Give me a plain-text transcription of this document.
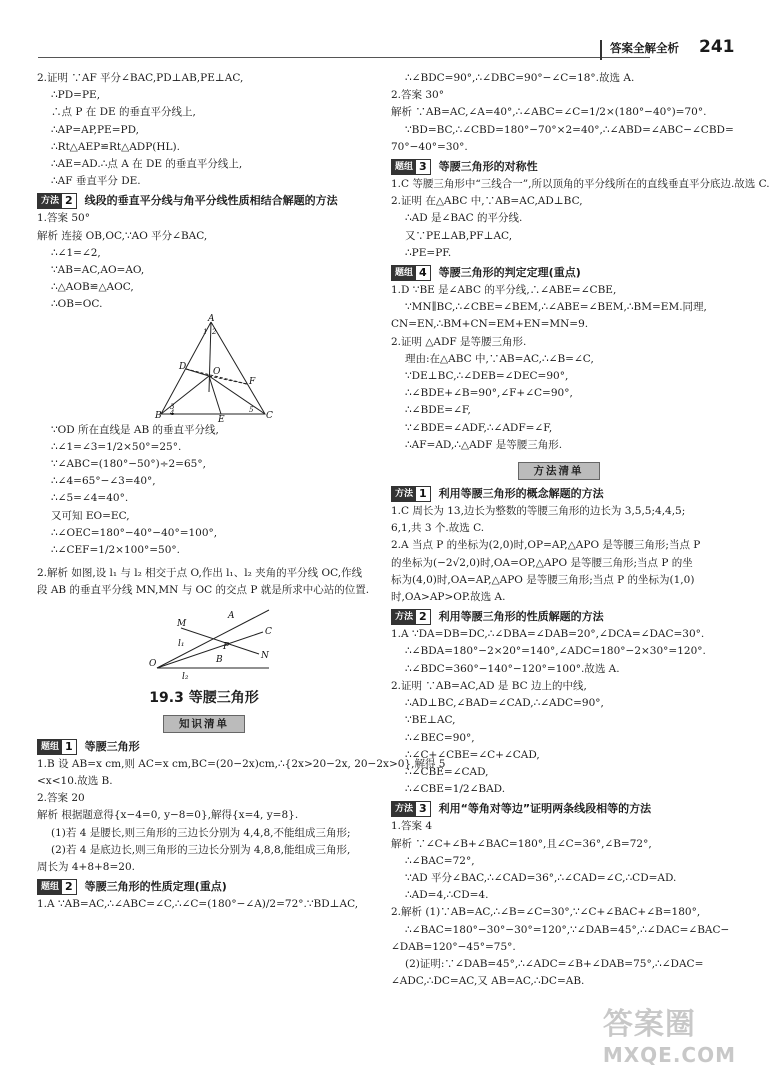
答案全解全析 241

2.证明 ∵AF 平分∠BAC,PD⊥AB,PE⊥AC,

∴PD=PE,

∴点 P 在 DE 的垂直平分线上,

∴AP=AP,PE=PD,

∴Rt△AEP≌Rt△ADP(HL).

∴AE=AD.∴点 A 在 DE 的垂直平分线上,

∴AF 垂直平分 DE.

方法 2 线段的垂直平分线与角平分线性质相结合解题的方法

1.答案 50°

解析 连接 OB,OC,∵AO 平分∠BAC,

∴∠1=∠2,

∵AB=AC,AO=AO,

∴△AOB≌△AOC,

∴OB=OC.

A
1 2
D	O
F
B
3
4
E
5
C

∵OD 所在直线是 AB 的垂直平分线,

∴∠1=∠3=1/2×50°=25°.

∵∠ABC=(180°−50°)÷2=65°,

∴∠4=65°−∠3=40°,

∴∠5=∠4=40°.

又可知 EO=EC,

∴∠OEC=180°−40°−40°=100°,

∴∠CEF=1/2×100°=50°.

2.解析 如图,设 l₁ 与 l₂ 相交于点 O,作出 l₁、l₂ 夹角的平分线 OC,作线段 AB 的垂直平分线 MN,MN 与 OC 的交点 P 就是所求中心站的位置.

M
A
C
l₁	P
N
B
O
l₂
19.3 等腰三角形
知识清单
题组 1 等腰三角形

1.B 设 AB=x cm,则 AC=x cm,BC=(20−2x)cm,∴{2x>20−2x, 20−2x>0},解得 5

<x<10.故选 B.

2.答案 20

解析 根据题意得{x−4=0, y−8=0},解得{x=4, y=8}.

(1)若 4 是腰长,则三角形的三边长分别为 4,4,8,不能组成三角形;

(2)若 4 是底边长,则三角形的三边长分别为 4,8,8,能组成三角形,

周长为 4+8+8=20.

题组 2 等腰三角形的性质定理(重点)

1.A ∵AB=AC,∴∠ABC=∠C,∴∠C=(180°−∠A)/2=72°.∵BD⊥AC,

∴∠BDC=90°,∴∠DBC=90°−∠C=18°.故选 A.

2.答案 30°

解析 ∵AB=AC,∠A=40°,∴∠ABC=∠C=1/2×(180°−40°)=70°.

∵BD=BC,∴∠CBD=180°−70°×2=40°,∴∠ABD=∠ABC−∠CBD=

70°−40°=30°.

题组 3 等腰三角形的对称性

1.C 等腰三角形中“三线合一”,所以顶角的平分线所在的直线垂直平分底边.故选 C.

2.证明 在△ABC 中,∵AB=AC,AD⊥BC,

∴AD 是∠BAC 的平分线.

又∵PE⊥AB,PF⊥AC,

∴PE=PF.

题组 4 等腰三角形的判定定理(重点)

1.D ∵BE 是∠ABC 的平分线,∴∠ABE=∠CBE,

∵MN∥BC,∴∠CBE=∠BEM,∴∠ABE=∠BEM,∴BM=EM.同理,

CN=EN,∴BM+CN=EM+EN=MN=9.

2.证明 △ADF 是等腰三角形.

理由:在△ABC 中,∵AB=AC,∴∠B=∠C,

∵DE⊥BC,∴∠DEB=∠DEC=90°,

∴∠BDE+∠B=90°,∠F+∠C=90°,

∴∠BDE=∠F,

∵∠BDE=∠ADF,∴∠ADF=∠F,

∴AF=AD,∴△ADF 是等腰三角形.

方法清单
方法 1 利用等腰三角形的概念解题的方法

1.C 周长为 13,边长为整数的等腰三角形的边长为 3,5,5;4,4,5;

6,1,共 3 个.故选 C.

2.A 当点 P 的坐标为(2,0)时,OP=AP,△APO 是等腰三角形;当点 P

的坐标为(−2√2,0)时,OA=OP,△APO 是等腰三角形;当点 P 的坐

标为(4,0)时,OA=AP,△APO 是等腰三角形;当点 P 的坐标为(1,0)

时,OA>AP>OP.故选 A.

方法 2 利用等腰三角形的性质解题的方法

1.A ∵DA=DB=DC,∴∠DBA=∠DAB=20°,∠DCA=∠DAC=30°.

∴∠BDA=180°−2×20°=140°,∠ADC=180°−2×30°=120°.

∴∠BDC=360°−140°−120°=100°.故选 A.

2.证明 ∵AB=AC,AD 是 BC 边上的中线,

∴AD⊥BC,∠BAD=∠CAD,∴∠ADC=90°,

∵BE⊥AC,

∴∠BEC=90°,

∴∠C+∠CBE=∠C+∠CAD,

∴∠CBE=∠CAD,

∴∠CBE=1/2∠BAD.

方法 3 利用“等角对等边”证明两条线段相等的方法

1.答案 4

解析 ∵∠C+∠B+∠BAC=180°,且∠C=36°,∠B=72°,

∴∠BAC=72°,

∵AD 平分∠BAC,∴∠CAD=36°,∴∠CAD=∠C,∴CD=AD.

∴AD=4,∴CD=4.

2.解析 (1)∵AB=AC,∴∠B=∠C=30°,∵∠C+∠BAC+∠B=180°,

∴∠BAC=180°−30°−30°=120°,∵∠DAB=45°,∴∠DAC=∠BAC−

∠DAB=120°−45°=75°.

(2)证明:∵∠DAB=45°,∴∠ADC=∠B+∠DAB=75°,∴∠DAC=

∠ADC,∴DC=AC,又 AB=AC,∴DC=AB.

答案圈
MXQE.COM
